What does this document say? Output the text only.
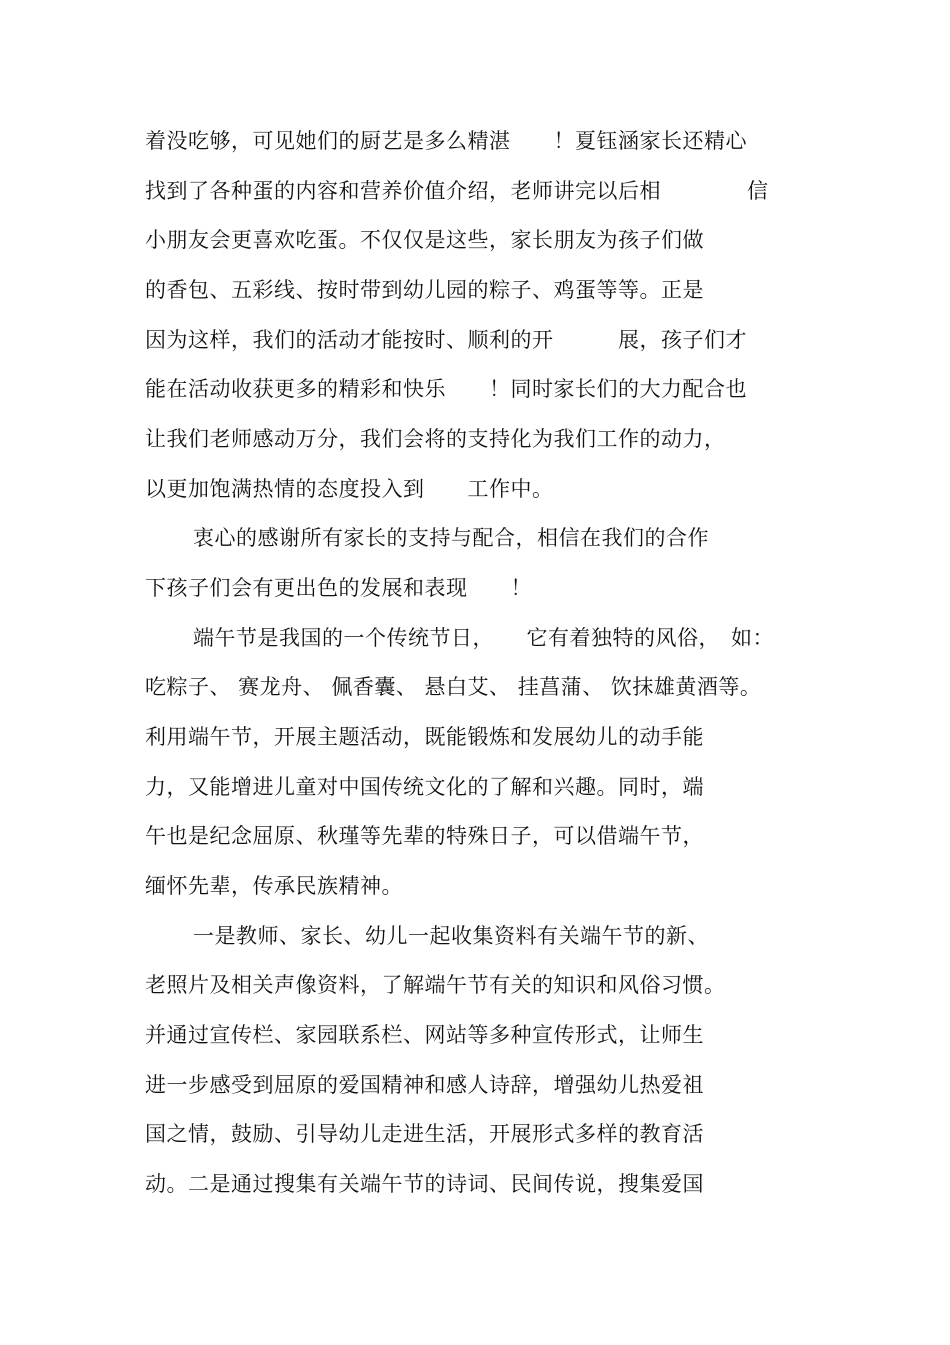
着没吃够，可见她们的厨艺是多么精湛　　！夏钰涵家长还精心
找到了各种蛋的内容和营养价值介绍，老师讲完以后相　　　　信
小朋友会更喜欢吃蛋。不仅仅是这些，家长朋友为孩子们做
的香包、五彩线、按时带到幼儿园的粽子、鸡蛋等等。正是
因为这样，我们的活动才能按时、顺利的开　　　展，孩子们才
能在活动收获更多的精彩和快乐　　！同时家长们的大力配合也
让我们老师感动万分，我们会将的支持化为我们工作的动力，
以更加饱满热情的态度投入到　　工作中。
衷心的感谢所有家长的支持与配合，相信在我们的合作
下孩子们会有更出色的发展和表现　　！
端午节是我国的一个传统节日，　　它有着独特的风俗，　如：
吃粽子、 赛龙舟、 佩香囊、 悬白艾、 挂菖蒲、 饮抹雄黄酒等。
利用端午节，开展主题活动，既能锻炼和发展幼儿的动手能
力，又能增进儿童对中国传统文化的了解和兴趣。同时，端
午也是纪念屈原、秋瑾等先辈的特殊日子，可以借端午节，
缅怀先辈，传承民族精神。
一是教师、家长、幼儿一起收集资料有关端午节的新、
老照片及相关声像资料，了解端午节有关的知识和风俗习惯。
并通过宣传栏、家园联系栏、网站等多种宣传形式，让师生
进一步感受到屈原的爱国精神和感人诗辞，增强幼儿热爱祖
国之情，鼓励、引导幼儿走进生活，开展形式多样的教育活
动。二是通过搜集有关端午节的诗词、民间传说，搜集爱国
